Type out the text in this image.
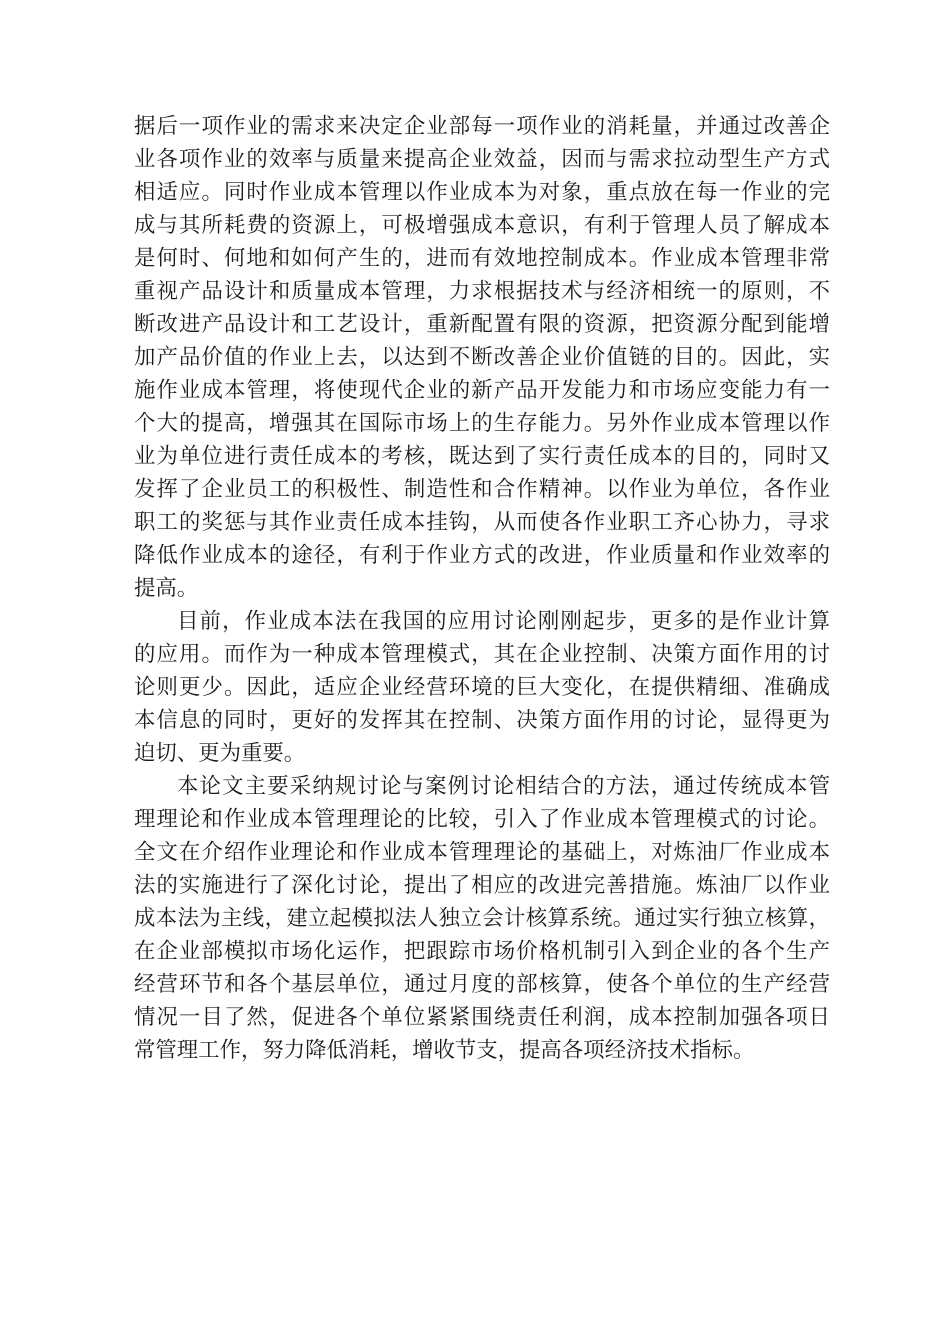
据后一项作业的需求来决定企业部每一项作业的消耗量，并通过改善企
业各项作业的效率与质量来提高企业效益，因而与需求拉动型生产方式
相适应。同时作业成本管理以作业成本为对象，重点放在每一作业的完
成与其所耗费的资源上，可极增强成本意识，有利于管理人员了解成本
是何时、何地和如何产生的，进而有效地控制成本。作业成本管理非常
重视产品设计和质量成本管理，力求根据技术与经济相统一的原则，不
断改进产品设计和工艺设计，重新配置有限的资源，把资源分配到能增
加产品价值的作业上去，以达到不断改善企业价值链的目的。因此，实
施作业成本管理，将使现代企业的新产品开发能力和市场应变能力有一
个大的提高，增强其在国际市场上的生存能力。另外作业成本管理以作
业为单位进行责任成本的考核，既达到了实行责任成本的目的，同时又
发挥了企业员工的积极性、制造性和合作精神。以作业为单位，各作业
职工的奖惩与其作业责任成本挂钩，从而使各作业职工齐心协力，寻求
降低作业成本的途径，有利于作业方式的改进，作业质量和作业效率的
提高。
目前，作业成本法在我国的应用讨论刚刚起步，更多的是作业计算
的应用。而作为一种成本管理模式，其在企业控制、决策方面作用的讨
论则更少。因此，适应企业经营环境的巨大变化，在提供精细、准确成
本信息的同时，更好的发挥其在控制、决策方面作用的讨论，显得更为
迫切、更为重要。
本论文主要采纳规讨论与案例讨论相结合的方法，通过传统成本管
理理论和作业成本管理理论的比较，引入了作业成本管理模式的讨论。
全文在介绍作业理论和作业成本管理理论的基础上，对炼油厂作业成本
法的实施进行了深化讨论，提出了相应的改进完善措施。炼油厂以作业
成本法为主线，建立起模拟法人独立会计核算系统。通过实行独立核算，
在企业部模拟市场化运作，把跟踪市场价格机制引入到企业的各个生产
经营环节和各个基层单位，通过月度的部核算，使各个单位的生产经营
情况一目了然，促进各个单位紧紧围绕责任利润，成本控制加强各项日
常管理工作，努力降低消耗，增收节支，提高各项经济技术指标。
